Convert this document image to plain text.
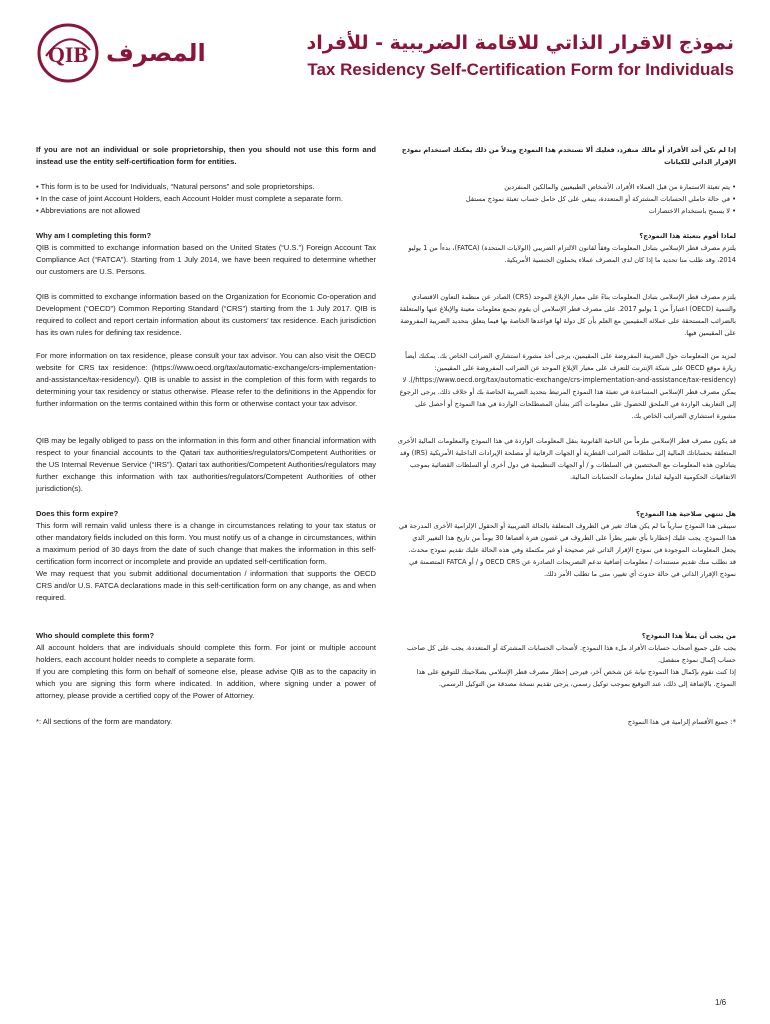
QIB المصرف	نموذج الاقرار الذاتي للاقامة الضريبية - للأفراد
Tax Residency Self-Certification Form for Individuals

If you are not an individual or sole proprietorship, then you should not use this form and instead use the entity self-certification form for entities.

• This form is to be used for Individuals, “Natural persons” and sole proprietorships.
• In the case of joint Account Holders, each Account Holder must complete a separate form.
• Abbreviations are not allowed

Why am I completing this form?

QIB is committed to exchange information based on the United States (“U.S.”) Foreign Account Tax Compliance Act (“FATCA”). Starting from 1 July 2014, we have been required to determine whether our customers are U.S. Persons.

QIB is committed to exchange information based on the Organization for Economic Co-operation and Development (“OECD”) Common Reporting Standard (“CRS”) starting from the 1 July 2017. QIB is required to collect and report certain information about its customers’ tax residence. Each jurisdiction has its own rules for defining tax residence.

For more information on tax residence, please consult your tax advisor. You can also visit the OECD website for CRS tax residence: (https://www.oecd.org/tax/automatic-exchange/crs-implementation-and-assistance/tax-residency/). QIB is unable to assist in the completion of this form with regards to determining your tax residency or status otherwise. Please refer to the definitions in the Appendix for further information on the terms contained within this form or otherwise contact your tax advisor.

QIB may be legally obliged to pass on the information in this form and other financial information with respect to your financial accounts to the Qatari tax authorities/regulators/Competent Authorities or the US Internal Revenue Service (“IRS”). Qatari tax authorities/Competent Authorities/regulators may further exchange this information with tax authorities/regulators/Competent Authorities of other jurisdiction(s).

Does this form expire?

This form will remain valid unless there is a change in circumstances relating to your tax status or other mandatory fields included on this form. You must notify us of a change in circumstances, within a maximum period of 30 days from the date of such change that makes the information in this self-certification form incorrect or incomplete and provide an updated self-certification form.

We may request that you submit additional documentation / information that supports the OECD CRS and/or U.S. FATCA declarations made in this self-certification form on any change, as and when required.

Who should complete this form?

All account holders that are individuals should complete this form. For joint or multiple account holders, each account holder needs to complete a separate form.

If you are completing this form on behalf of someone else, please advise QIB as to the capacity in which you are signing this form where indicated. In addition, where signing under a power of attorney, please provide a certified copy of the Power of Attorney.

*: All sections of the form are mandatory.

إذا لم تكن أحد الأفراد أو مالك منفرد، فعليك ألا تستخدم هذا النموذج وبدلاً من ذلك يمكنك استخدام نموذج الإقرار الذاتي للكيانات

• يتم تعبئة الاستمارة من قبل العملاء الأفراد، الأشخاص الطبيعيين والمالكين المنفردين
• في حالة حاملي الحسابات المشتركة أو المتعددة، ينبغي على كل حامل حساب تعبئة نموذج مستقل
• لا يسمح باستخدام الاختصارات

لماذا أقوم بتعبئة هذا النموذج؟

يلتزم مصرف قطر الإسلامي بتبادل المعلومات وفقاً لقانون الالتزام الضريبي (الولايات المتحدة) (FATCA)، بدءاً من 1 يوليو 2014، وقد طلب منا تحديد ما إذا كان لدى المصرف عملاء يحملون الجنسية الأمريكية.

يلتزم مصرف قطر الإسلامي بتبادل المعلومات بناءً على معيار الإبلاغ الموحد (CRS) الصادر عن منظمة التعاون الاقتصادي والتنمية (OECD) اعتباراً من 1 يوليو 2017. على مصرف قطر الإسلامي أن يقوم بجمع معلومات معينة والإبلاغ عنها والمتعلقة بالضرائب المستحقة على عملائه المقيمين مع العلم بأن كل دولة لها قواعدها الخاصة بها فيما يتعلق بتحديد الضريبة المفروضة على المقيمين فيها.

لمزيد من المعلومات حول الضريبة المفروضة على المقيمين، يرجى أخذ مشورة استشاري الضرائب الخاص بك. يمكنك أيضاً زيارة موقع OECD على شبكة الإنترنت للتعرف على معيار الإبلاغ الموحد عن الضرائب المفروضة على المقيمين: (https://www.oecd.org/tax/automatic-exchange/crs-implementation-and-assistance/tax-residency/). لا يمكن مصرف قطر الإسلامي المساعدة في تعبئة هذا النموذج المرتبط بتحديد الضريبة الخاصة بك أو خلاف ذلك. يرجى الرجوع إلى التعاريف الواردة في الملحق للحصول على معلومات أكثر بشأن المصطلحات الواردة في هذا النموذج أو أحصل على مشورة استشاري الضرائب الخاص بك.

قد يكون مصرف قطر الإسلامي ملزماً من الناحية القانونية بنقل المعلومات الواردة في هذا النموذج والمعلومات المالية الأخرى المتعلقة بحساباتك المالية إلى سلطات الضرائب القطرية أو الجهات الرقابية أو مصلحة الإيرادات الداخلية الأمريكية (IRS) وقد يتبادلون هذه المعلومات مع المختصين في السلطات و / أو الجهات التنظيمية في دول أخرى أو السلطات القضائية بموجب الاتفاقيات الحكومية الدولية لتبادل معلومات الحسابات المالية.

هل تنتهي صلاحية هذا النموذج؟

سيبقى هذا النموذج سارياً ما لم يكن هناك تغير في الظروف المتعلقة بالحالة الضريبية أو الحقول الإلزامية الأخرى المدرجة في هذا النموذج. يجب عليك إخطارنا بأي تغيير يطرأ على الظروف في غضون فترة أقصاها 30 يوماً من تاريخ هذا التغيير الذي يجعل المعلومات الموجودة في نموذج الإقرار الذاتي غير صحيحة أو غير مكتملة وفي هذه الحالة عليك تقديم نموذج محدث.

قد نطلب منك تقديم مستندات / معلومات إضافية تدعم التصريحات الصادرة عن OECD CRS و / أو FATCA المتضمنة في نموذج الإقرار الذاتي في حالة حدوث أي تغيير، متى ما تطلب الأمر ذلك.

من يجب أن يملأ هذا النموذج؟

يجب على جميع أصحاب حسابات الأفراد ملء هذا النموذج. لأصحاب الحسابات المشتركة أو المتعددة، يجب على كل صاحب حساب إكمال نموذج منفصل.

إذا كنت تقوم بإكمال هذا النموذج نيابة عن شخص آخر، فيرجى إخطار مصرف قطر الإسلامي بصلاحيتك للتوقيع على هذا النموذج. بالإضافة إلى ذلك، عند التوقيع بموجب توكيل رسمي، يرجى تقديم نسخة مصدقة من التوكيل الرسمي.

*: جميع الأقسام إلزامية في هذا النموذج

1/6
